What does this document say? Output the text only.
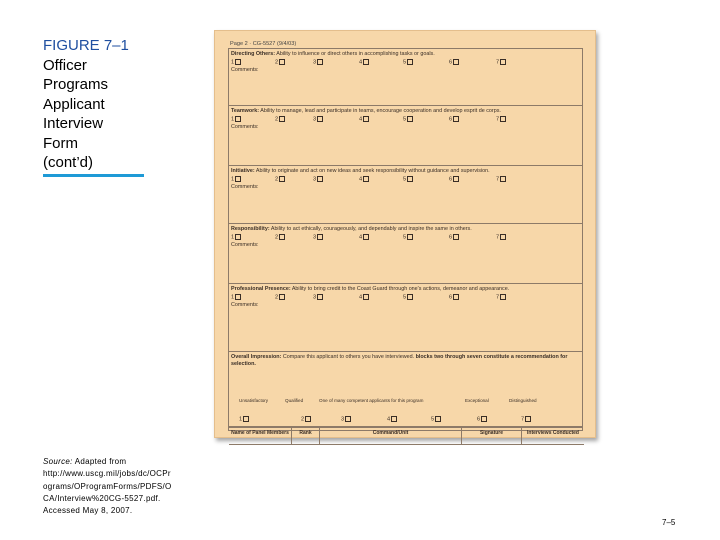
FIGURE 7–1
Officer
Programs
Applicant
Interview
Form
(cont’d)
Source: Adapted from http://www.uscg.mil/jobs/dc/OCPr ograms/OProgramForms/PDFS/O CA/Interview%20CG-5527.pdf. Accessed May 8, 2007.
7–5
Page 2 · CG-5527 (9/4/03)
Professional Presence: Ability to bring credit to the Coast Guard through one's actions, demeanor and appearance.
1	2	3	4	5	6	7
Comments:
Responsibility: Ability to act ethically, courageously, and dependably and inspire the same in others.
1	2	3	4	5	6	7
Comments:
Initiative: Ability to originate and act on new ideas and seek responsibility without guidance and supervision.
1	2	3	4	5	6	7
Comments:
Teamwork: Ability to manage, lead and participate in teams, encourage cooperation and develop esprit de corps.
1	2	3	4	5	6	7
Comments:
Directing Others: Ability to influence or direct others in accomplishing tasks or goals.
1	2	3	4	5	6	7
Comments:
Overall Impression: Compare this applicant to others you have interviewed. blocks two through seven constitute a recommendation for selection.
Unsatisfactory	Qualified	One of many competent applicants for this program	Exceptional	Distinguished
1	2	3	4	5	6	7
Name of Panel Members	Rank	Command/Unit	Signature	Interviews Conducted
